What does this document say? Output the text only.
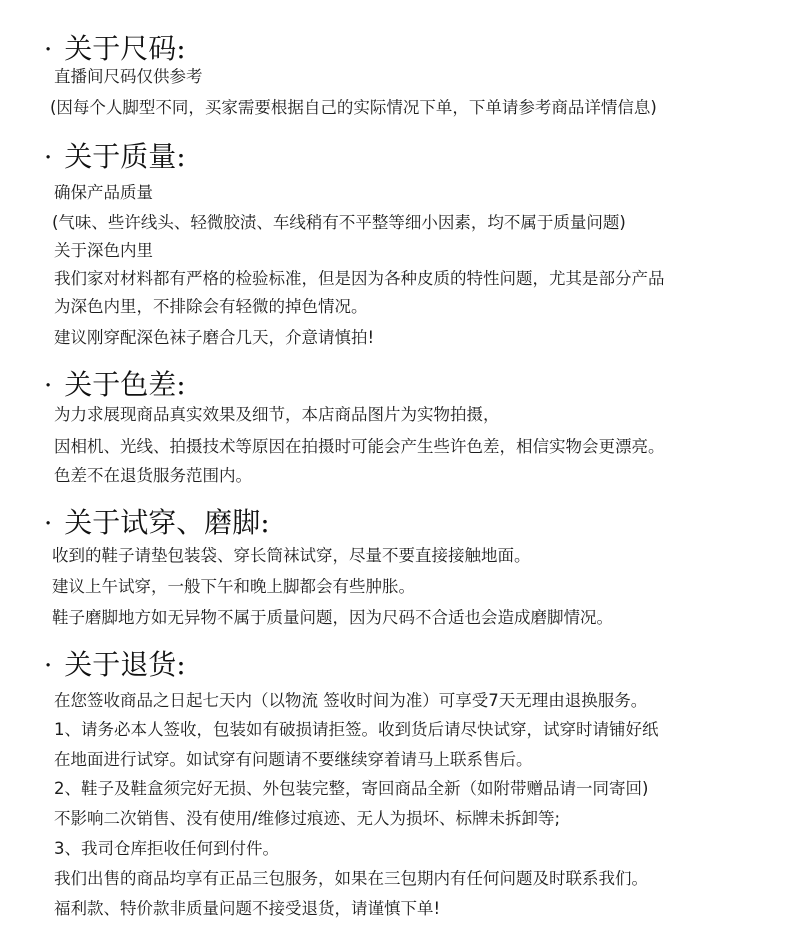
· 关于尺码:
直播间尺码仅供参考
(因每个人脚型不同，买家需要根据自己的实际情况下单，下单请参考商品详情信息)
· 关于质量:
确保产品质量
(气味、些许线头、轻微胶渍、车线稍有不平整等细小因素，均不属于质量问题)
关于深色内里
我们家对材料都有严格的检验标准，但是因为各种皮质的特性问题，尤其是部分产品
为深色内里，不排除会有轻微的掉色情况。
建议刚穿配深色袜子磨合几天，介意请慎拍!
· 关于色差:
为力求展现商品真实效果及细节，本店商品图片为实物拍摄，
因相机、光线、拍摄技术等原因在拍摄时可能会产生些许色差，相信实物会更漂亮。
色差不在退货服务范围内。
· 关于试穿、磨脚:
收到的鞋子请垫包装袋、穿长筒袜试穿，尽量不要直接接触地面。
建议上午试穿，一般下午和晚上脚都会有些肿胀。
鞋子磨脚地方如无异物不属于质量问题，因为尺码不合适也会造成磨脚情况。
· 关于退货:
在您签收商品之日起七天内（以物流 签收时间为准）可享受7天无理由退换服务。
1、请务必本人签收，包装如有破损请拒签。收到货后请尽快试穿，试穿时请铺好纸
在地面进行试穿。如试穿有问题请不要继续穿着请马上联系售后。
2、鞋子及鞋盒须完好无损、外包装完整，寄回商品全新（如附带赠品请一同寄回)
不影响二次销售、没有使用/维修过痕迹、无人为损坏、标牌未拆卸等;
3、我司仓库拒收任何到付件。
我们出售的商品均享有正品三包服务，如果在三包期内有任何问题及时联系我们。
福利款、特价款非质量问题不接受退货，请谨慎下单!
